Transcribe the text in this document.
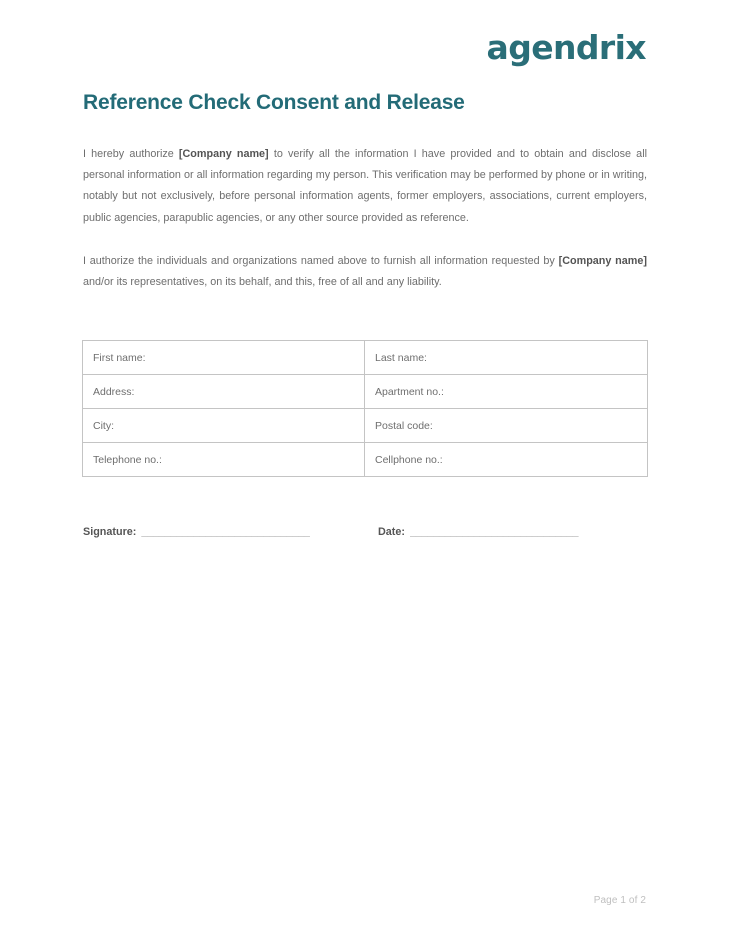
agendrix
Reference Check Consent and Release

I hereby authorize [Company name] to verify all the information I have provided and to obtain and disclose all personal information or all information regarding my person. This verification may be performed by phone or in writing, notably but not exclusively, before personal information agents, former employers, associations, current employers, public agencies, parapublic agencies, or any other source provided as reference.

I authorize the individuals and organizations named above to furnish all information requested by [Company name] and/or its representatives, on its behalf, and this, free of all and any liability.

First name:	Last name:
Address:	Apartment no.:
City:	Postal code:
Telephone no.:	Cellphone no.:
Signature: _____________________________	Date: _____________________________
Page 1 of 2
